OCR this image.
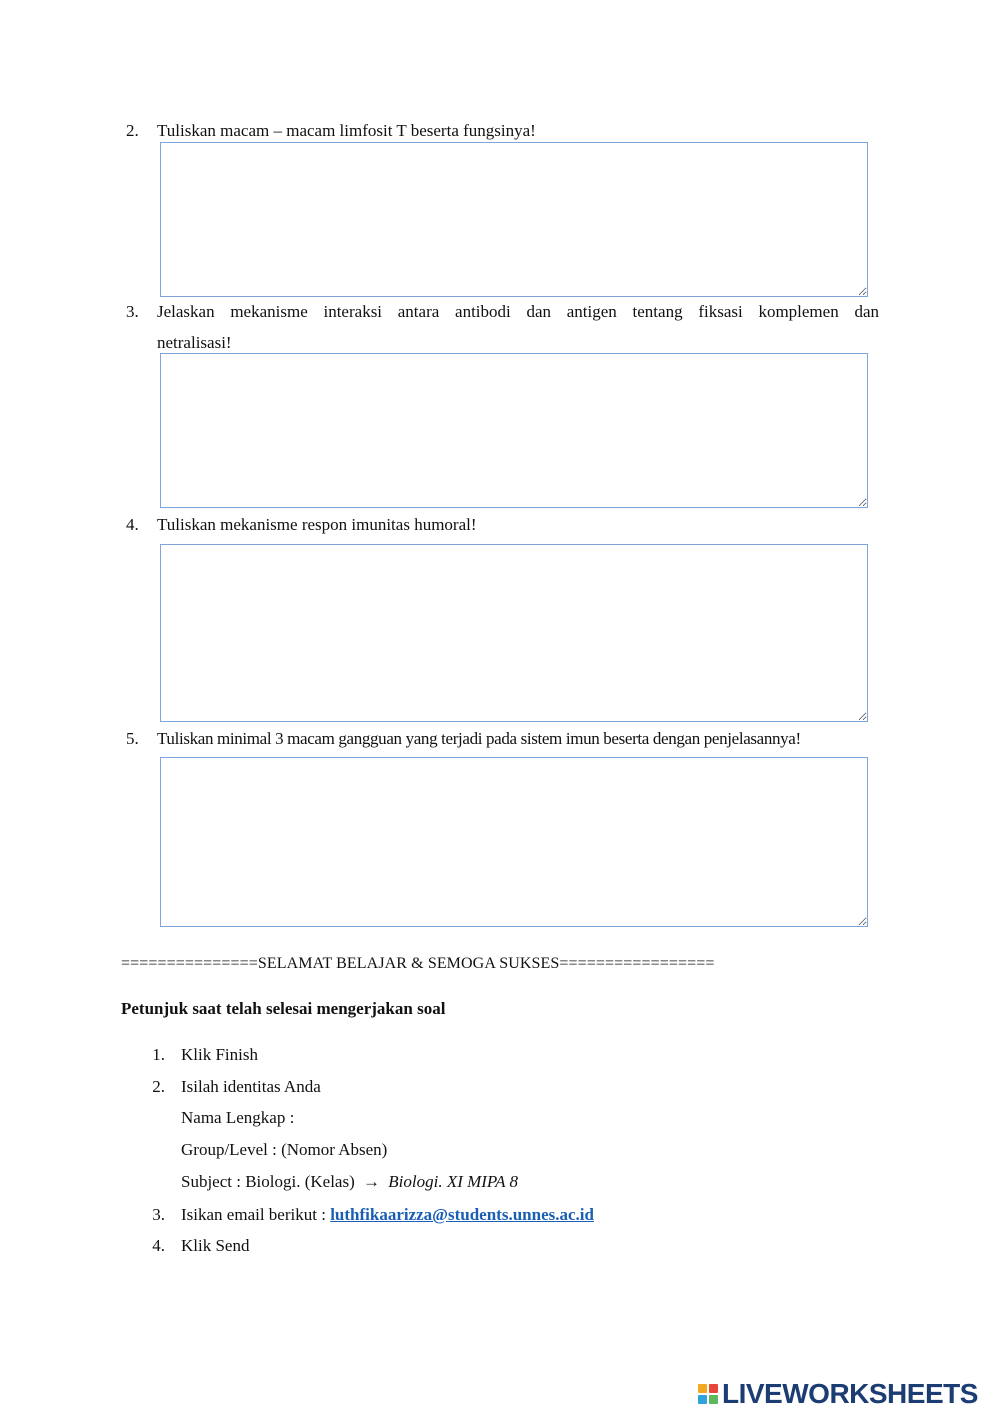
2. Tuliskan macam – macam limfosit T beserta fungsinya!
3. Jelaskan mekanisme interaksi antara antibodi dan antigen tentang fiksasi komplemen dan
netralisasi!
4. Tuliskan mekanisme respon imunitas humoral!
5. Tuliskan minimal 3 macam gangguan yang terjadi pada sistem imun beserta dengan penjelasannya!
===============SELAMAT BELAJAR & SEMOGA SUKSES=================
Petunjuk saat telah selesai mengerjakan soal
1. Klik Finish
2. Isilah identitas Anda
Nama Lengkap :
Group/Level : (Nomor Absen)
Subject : Biologi. (Kelas) → Biologi. XI MIPA 8
3. Isikan email berikut : luthfikaarizza@students.unnes.ac.id
4. Klik Send
LIVEWORKSHEETS
